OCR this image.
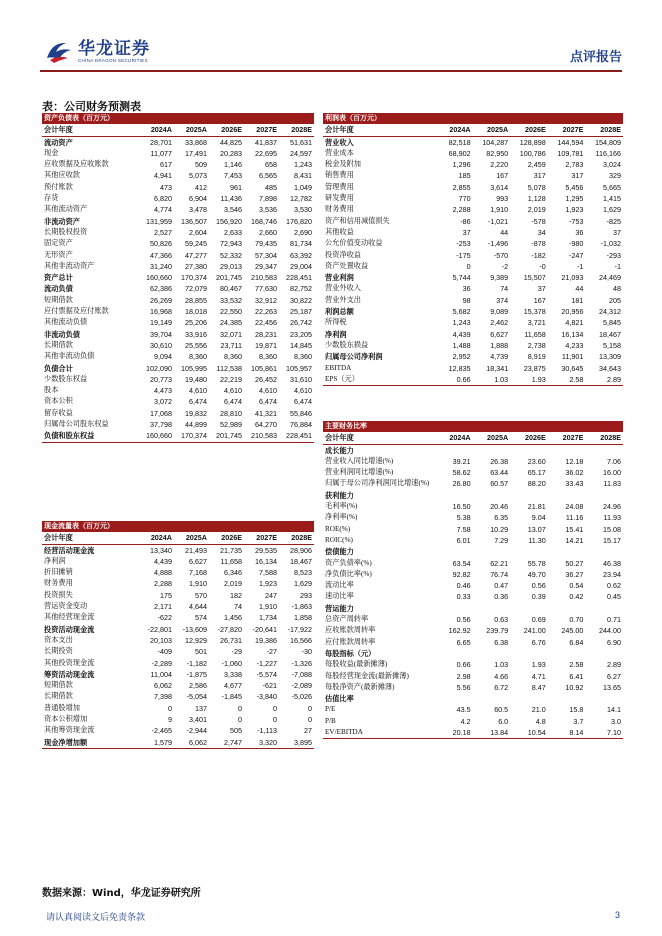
华龙证券
CHINA DRAGON SECURITIES	点评报告
表：公司财务预测表
资产负债表（百万元）					
会计年度	2024A	2025A	2026E	2027E	2028E
流动资产	28,701	33,868	44,825	41,837	51,631
现金	11,077	17,491	20,283	22,695	24,597
应收票据及应收账款	617	509	1,146	658	1,243
其他应收款	4,941	5,073	7,453	6,565	8,431
预付账款	473	412	961	485	1,049
存货	6,820	6,904	11,436	7,898	12,782
其他流动资产	4,774	3,478	3,546	3,536	3,530
非流动资产	131,959	136,507	156,920	168,746	176,820
长期股权投资	2,527	2,604	2,633	2,660	2,690
固定资产	50,826	59,245	72,943	79,435	81,734
无形资产	47,366	47,277	52,332	57,304	63,392
其他非流动资产	31,240	27,380	29,013	29,347	29,004
资产总计	160,660	170,374	201,745	210,583	228,451
流动负债	62,386	72,079	80,467	77,630	82,752
短期借款	26,269	28,855	33,532	32,912	30,822
应付票据及应付账款	16,968	18,018	22,550	22,263	25,187
其他流动负债	19,149	25,206	24,385	22,456	26,742
非流动负债	39,704	33,916	32,071	28,231	23,205
长期借款	30,610	25,556	23,711	19,871	14,845
其他非流动负债	9,094	8,360	8,360	8,360	8,360
负债合计	102,090	105,995	112,538	105,861	105,957
少数股东权益	20,773	19,480	22,219	26,452	31,610
股本	4,473	4,610	4,610	4,610	4,610
资本公积	3,072	6,474	6,474	6,474	6,474
留存收益	17,068	19,832	28,810	41,321	55,846
归属母公司股东权益	37,798	44,899	52,989	64,270	76,884
负债和股东权益	160,660	170,374	201,745	210,583	228,451
利润表（百万元）					
会计年度	2024A	2025A	2026E	2027E	2028E
营业收入	82,518	104,287	128,898	144,594	154,809
营业成本	68,902	82,950	100,786	109,781	116,166
税金及附加	1,296	2,220	2,459	2,783	3,024
销售费用	185	167	317	317	329
管理费用	2,855	3,614	5,078	5,456	5,665
研发费用	770	993	1,128	1,295	1,415
财务费用	2,288	1,910	2,019	1,923	1,629
资产和信用减值损失	-86	-1,021	-578	-753	-825
其他收益	37	44	34	36	37
公允价值变动收益	-253	-1,496	-878	-980	-1,032
投资净收益	-175	-570	-182	-247	-293
资产处置收益	0	-2	-0	-1	-1
营业利润	5,744	9,389	15,507	21,093	24,469
营业外收入	36	74	37	44	48
营业外支出	98	374	167	181	205
利润总额	5,682	9,089	15,378	20,956	24,312
所得税	1,243	2,462	3,721	4,821	5,845
净利润	4,439	6,627	11,658	16,134	18,467
少数股东损益	1,488	1,888	2,738	4,233	5,158
归属母公司净利润	2,952	4,739	8,919	11,901	13,309
EBITDA	12,835	18,341	23,875	30,645	34,643
EPS（元）	0.66	1.03	1.93	2.58	2.89
主要财务比率					
会计年度	2024A	2025A	2026E	2027E	2028E
成长能力					
营业收入同比增速(%)	39.21	26.38	23.60	12.18	7.06
营业利润同比增速(%)	58.62	63.44	65.17	36.02	16.00
归属于母公司净利润同比增速(%)	26.80	60.57	88.20	33.43	11.83
获利能力					
毛利率(%)	16.50	20.46	21.81	24.08	24.96
净利率(%)	5.38	6.35	9.04	11.16	11.93
ROE(%)	7.58	10.29	13.07	15.41	15.08
ROIC(%)	6.01	7.29	11.30	14.21	15.17
偿债能力					
资产负债率(%)	63.54	62.21	55.78	50.27	46.38
净负债比率(%)	92.82	76.74	49.70	36.27	23.94
流动比率	0.46	0.47	0.56	0.54	0.62
速动比率	0.33	0.36	0.39	0.42	0.45
营运能力					
总资产周转率	0.56	0.63	0.69	0.70	0.71
应收账款周转率	162.92	239.79	241.00	245.00	244.00
应付账款周转率	6.65	6.38	6.76	6.84	6.90
每股指标（元）					
每股收益(最新摊薄)	0.66	1.03	1.93	2.58	2.89
每股经营现金流(最新摊薄)	2.98	4.66	4.71	6.41	6.27
每股净资产(最新摊薄)	5.56	6.72	8.47	10.92	13.65
估值比率					
P/E	43.5	60.5	21.0	15.8	14.1
P/B	4.2	6.0	4.8	3.7	3.0
EV/EBITDA	20.18	13.84	10.54	8.14	7.10
现金流量表（百万元）					
会计年度	2024A	2025A	2026E	2027E	2028E
经营活动现金流	13,340	21,493	21,735	29,535	28,906
净利润	4,439	6,627	11,658	16,134	18,467
折旧摊销	4,888	7,168	6,346	7,588	8,523
财务费用	2,288	1,910	2,019	1,923	1,629
投资损失	175	570	182	247	293
营运资金变动	2,171	4,644	74	1,910	-1,863
其他经营现金流	-622	574	1,456	1,734	1,858
投资活动现金流	-22,801	-13,609	-27,820	-20,641	-17,922
资本支出	20,103	12,929	26,731	19,386	16,566
长期投资	-409	501	-29	-27	-30
其他投资现金流	-2,289	-1,182	-1,060	-1,227	-1,326
筹资活动现金流	11,004	-1,875	3,338	-5,574	-7,088
短期借款	6,062	2,586	4,677	-621	-2,089
长期借款	7,398	-5,054	-1,845	-3,840	-5,026
普通股增加	0	137	0	0	0
资本公积增加	9	3,401	0	0	0
其他筹资现金流	-2,465	-2,944	505	-1,113	27
现金净增加额	1,579	6,062	2,747	3,320	3,895
数据来源：Wind，华龙证券研究所
请认真阅读文后免责条款	3
